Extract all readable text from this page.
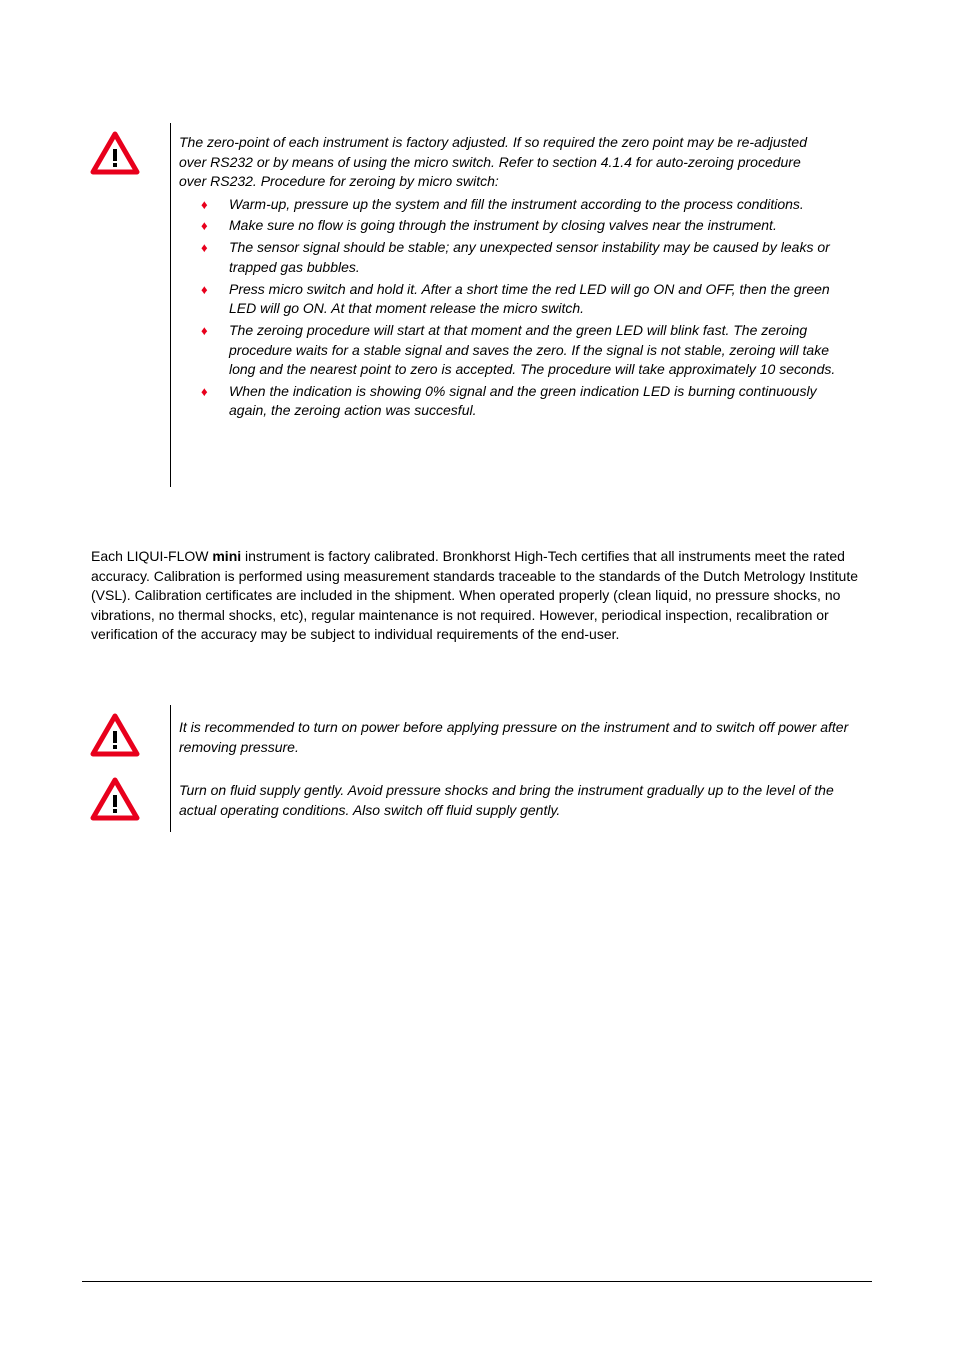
The zero-point of each instrument is factory adjusted. If so required the zero point may be re-adjusted over RS232 or by means of using the micro switch. Refer to section 4.1.4 for auto-zeroing procedure over RS232. Procedure for zeroing by micro switch:
♦ Warm-up, pressure up the system and fill the instrument according to the process conditions.
♦ Make sure no flow is going through the instrument by closing valves near the instrument.
♦ The sensor signal should be stable; any unexpected sensor instability may be caused by leaks or trapped gas bubbles.
♦ Press micro switch and hold it. After a short time the red LED will go ON and OFF, then the green LED will go ON. At that moment release the micro switch.
♦ The zeroing procedure will start at that moment and the green LED will blink fast. The zeroing procedure waits for a stable signal and saves the zero. If the signal is not stable, zeroing will take long and the nearest point to zero is accepted. The procedure will take approximately 10 seconds.
♦ When the indication is showing 0% signal and the green indication LED is burning continuously again, the zeroing action was succesful.
Each LIQUI-FLOW mini instrument is factory calibrated. Bronkhorst High-Tech certifies that all instruments meet the rated accuracy. Calibration is performed using measurement standards traceable to the standards of the Dutch Metrology Institute (VSL). Calibration certificates are included in the shipment. When operated properly (clean liquid, no pressure shocks, no vibrations, no thermal shocks, etc), regular maintenance is not required. However, periodical inspection, recalibration or verification of the accuracy may be subject to individual requirements of the end-user.
It is recommended to turn on power before applying pressure on the instrument and to switch off power after removing pressure.
Turn on fluid supply gently. Avoid pressure shocks and bring the instrument gradually up to the level of the actual operating conditions. Also switch off fluid supply gently.
